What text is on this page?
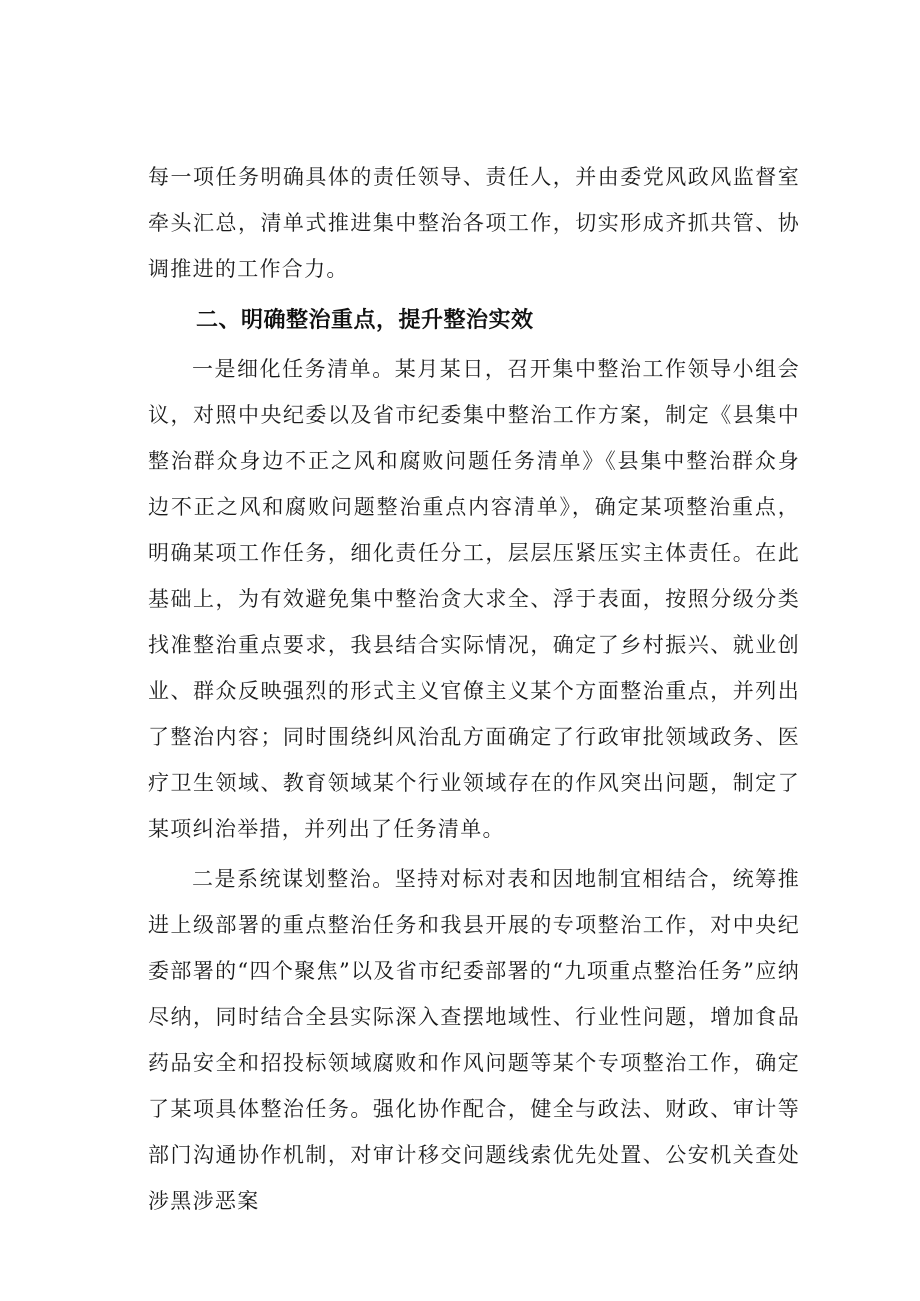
每一项任务明确具体的责任领导、责任人，并由委党风政风监督室牵头汇总，清单式推进集中整治各项工作，切实形成齐抓共管、协调推进的工作合力。

二、明确整治重点，提升整治实效

一是细化任务清单。某月某日，召开集中整治工作领导小组会议，对照中央纪委以及省市纪委集中整治工作方案，制定《县集中整治群众身边不正之风和腐败问题任务清单》《县集中整治群众身边不正之风和腐败问题整治重点内容清单》，确定某项整治重点，明确某项工作任务，细化责任分工，层层压紧压实主体责任。在此基础上，为有效避免集中整治贪大求全、浮于表面，按照分级分类找准整治重点要求，我县结合实际情况，确定了乡村振兴、就业创业、群众反映强烈的形式主义官僚主义某个方面整治重点，并列出了整治内容；同时围绕纠风治乱方面确定了行政审批领域政务、医疗卫生领域、教育领域某个行业领域存在的作风突出问题，制定了某项纠治举措，并列出了任务清单。

二是系统谋划整治。坚持对标对表和因地制宜相结合，统筹推进上级部署的重点整治任务和我县开展的专项整治工作，对中央纪委部署的“四个聚焦”以及省市纪委部署的“九项重点整治任务”应纳尽纳，同时结合全县实际深入查摆地域性、行业性问题，增加食品药品安全和招投标领域腐败和作风问题等某个专项整治工作，确定了某项具体整治任务。强化协作配合，健全与政法、财政、审计等部门沟通协作机制，对审计移交问题线索优先处置、公安机关查处涉黑涉恶案
